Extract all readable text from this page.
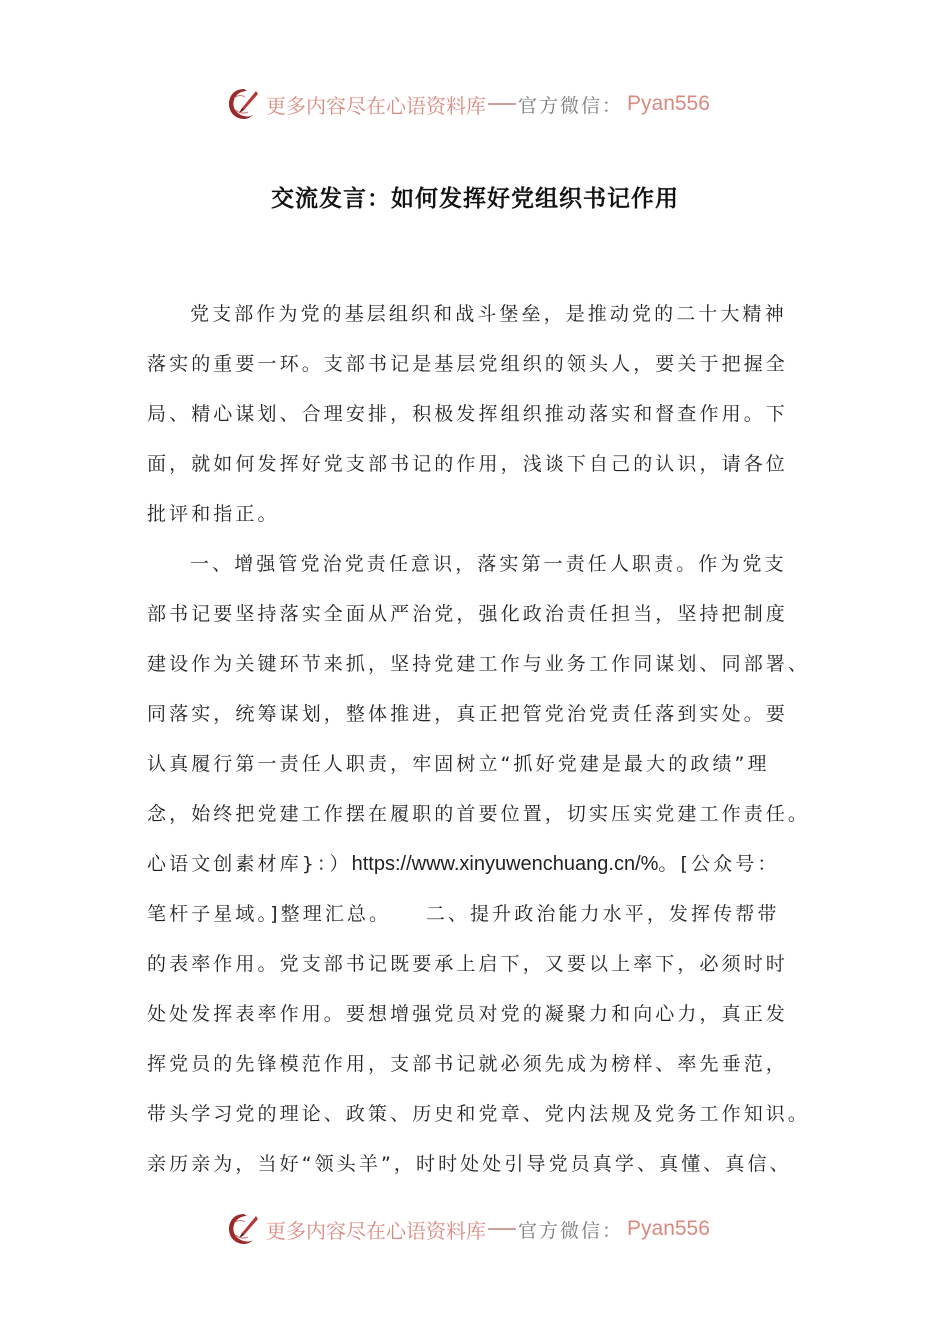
更多内容尽在心语资料库 官方微信： Pyan556
交流发言：如何发挥好党组织书记作用
党支部作为党的基层组织和战斗堡垒，是推动党的二十大精神
落实的重要一环。支部书记是基层党组织的领头人，要关于把握全
局、精心谋划、合理安排，积极发挥组织推动落实和督查作用。下
面，就如何发挥好党支部书记的作用，浅谈下自己的认识，请各位
批评和指正。
一、增强管党治党责任意识，落实第一责任人职责。作为党支
部书记要坚持落实全面从严治党，强化政治责任担当，坚持把制度
建设作为关键环节来抓，坚持党建工作与业务工作同谋划、同部署、
同落实，统筹谋划，整体推进，真正把管党治党责任落到实处。要
认真履行第一责任人职责，牢固树立“抓好党建是最大的政绩”理
念，始终把党建工作摆在履职的首要位置，切实压实党建工作责任。
心语文创素材库}：）https://www.xinyuwenchuang.cn/%。[公众号：
笔杆子星域。]整理汇总。　　二、提升政治能力水平，发挥传帮带
的表率作用。党支部书记既要承上启下，又要以上率下，必须时时
处处发挥表率作用。要想增强党员对党的凝聚力和向心力，真正发
挥党员的先锋模范作用，支部书记就必须先成为榜样、率先垂范，
带头学习党的理论、政策、历史和党章、党内法规及党务工作知识。
亲历亲为，当好“领头羊”，时时处处引导党员真学、真懂、真信、
更多内容尽在心语资料库 官方微信： Pyan556
